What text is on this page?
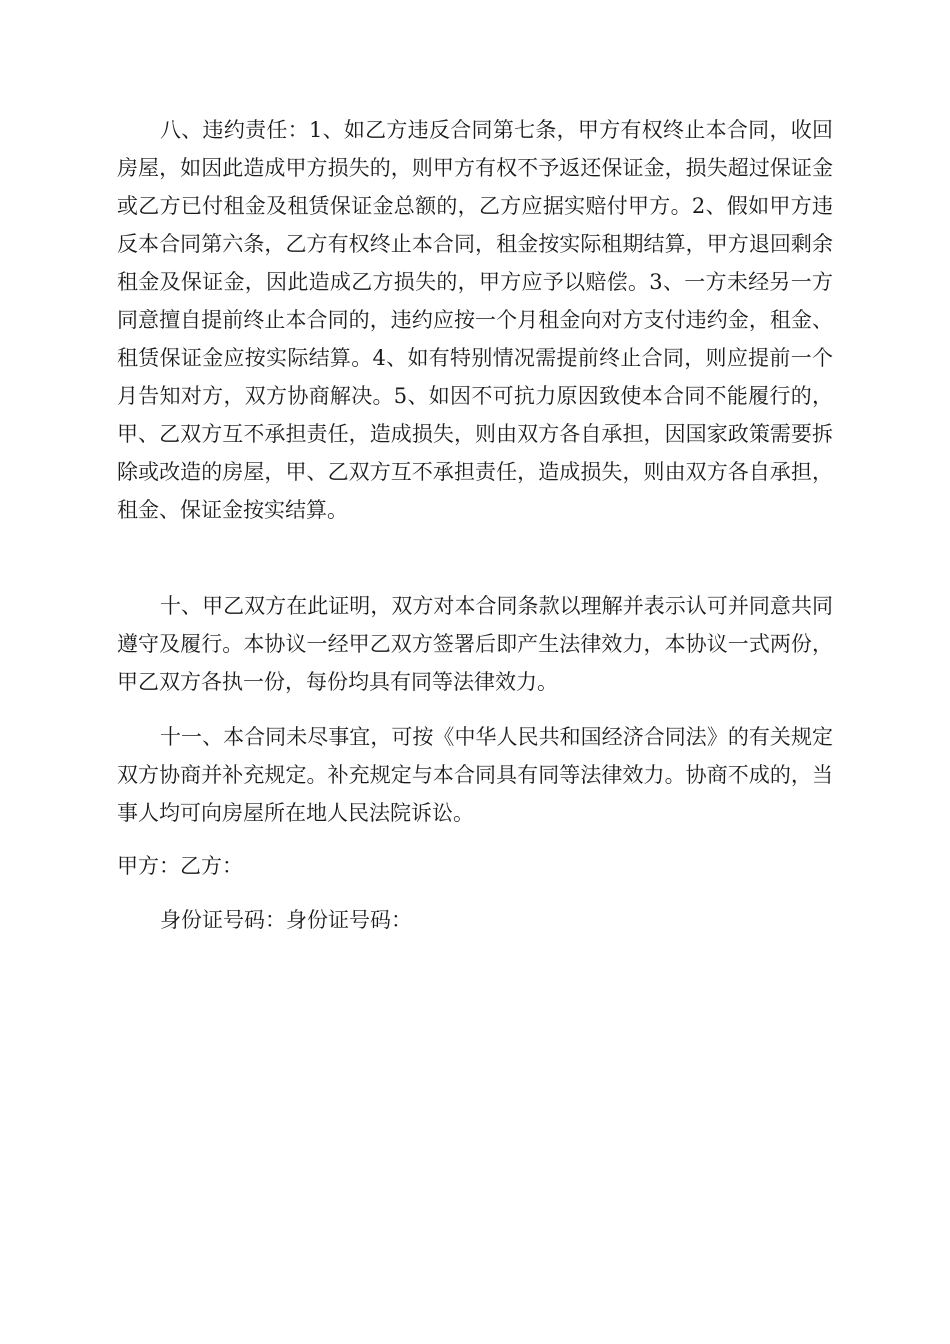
八、违约责任：1、如乙方违反合同第七条，甲方有权终止本合同，收回房屋，如因此造成甲方损失的，则甲方有权不予返还保证金，损失超过保证金或乙方已付租金及租赁保证金总额的，乙方应据实赔付甲方。2、假如甲方违反本合同第六条，乙方有权终止本合同，租金按实际租期结算，甲方退回剩余租金及保证金，因此造成乙方损失的，甲方应予以赔偿。3、一方未经另一方同意擅自提前终止本合同的，违约应按一个月租金向对方支付违约金，租金、租赁保证金应按实际结算。4、如有特别情况需提前终止合同，则应提前一个月告知对方，双方协商解决。5、如因不可抗力原因致使本合同不能履行的，甲、乙双方互不承担责任，造成损失，则由双方各自承担，因国家政策需要拆除或改造的房屋，甲、乙双方互不承担责任，造成损失，则由双方各自承担，租金、保证金按实结算。

十、甲乙双方在此证明，双方对本合同条款以理解并表示认可并同意共同遵守及履行。本协议一经甲乙双方签署后即产生法律效力，本协议一式两份，甲乙双方各执一份，每份均具有同等法律效力。

十一、本合同未尽事宜，可按《中华人民共和国经济合同法》的有关规定双方协商并补充规定。补充规定与本合同具有同等法律效力。协商不成的，当事人均可向房屋所在地人民法院诉讼。

甲方：乙方：

身份证号码：身份证号码：
